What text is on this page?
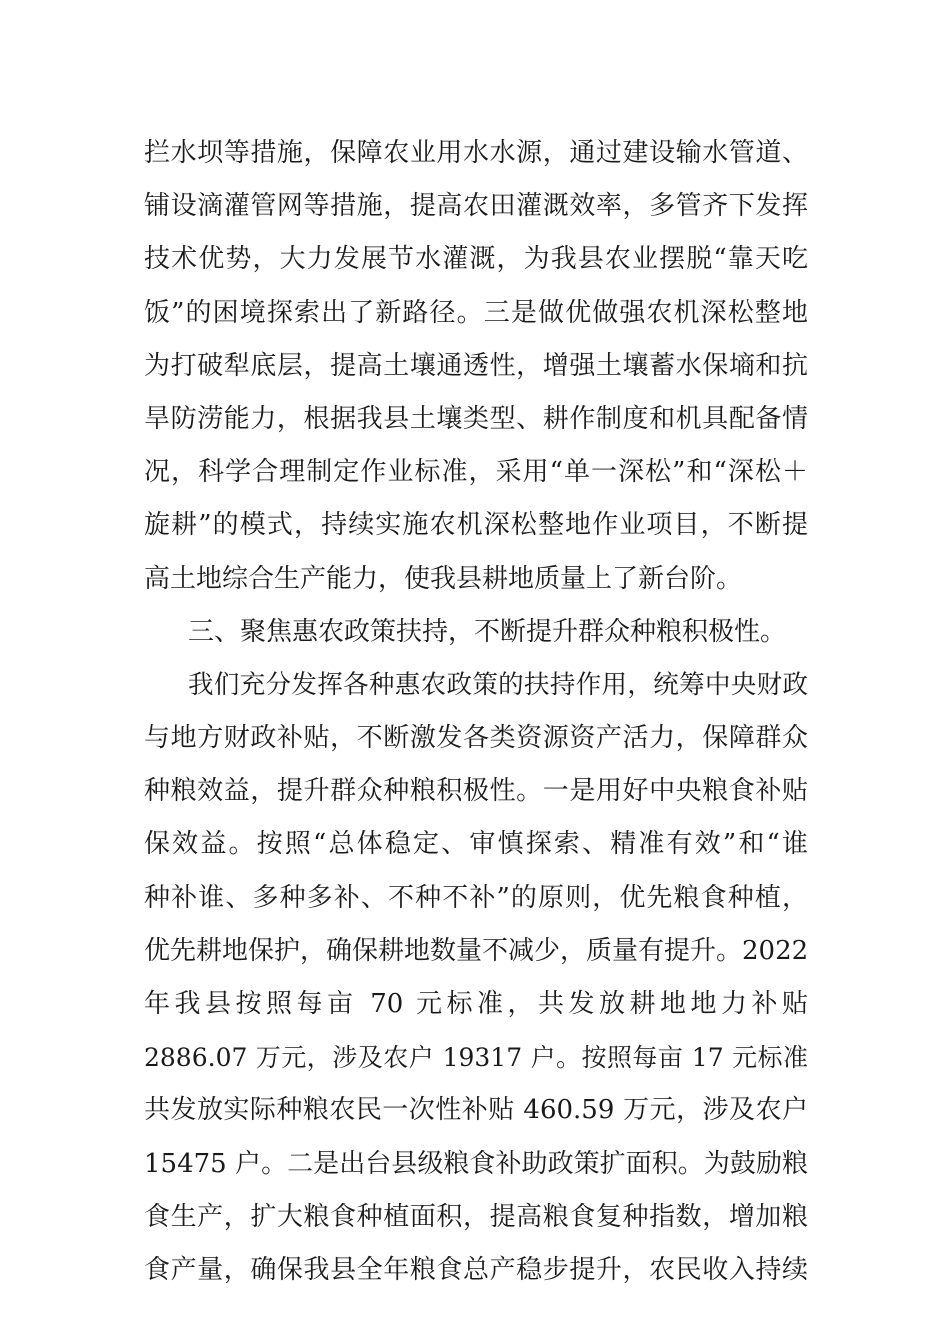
拦水坝等措施，保障农业用水水源，通过建设输水管道、
铺设滴灌管网等措施，提高农田灌溉效率，多管齐下发挥
技术优势，大力发展节水灌溉，为我县农业摆脱“靠天吃
饭”的困境探索出了新路径。三是做优做强农机深松整地
为打破犁底层，提高土壤通透性，增强土壤蓄水保墒和抗
旱防涝能力，根据我县土壤类型、耕作制度和机具配备情
况，科学合理制定作业标准，采用“单一深松”和“深松＋
旋耕”的模式，持续实施农机深松整地作业项目，不断提
高土地综合生产能力，使我县耕地质量上了新台阶。
三、聚焦惠农政策扶持，不断提升群众种粮积极性。
我们充分发挥各种惠农政策的扶持作用，统筹中央财政
与地方财政补贴，不断激发各类资源资产活力，保障群众
种粮效益，提升群众种粮积极性。一是用好中央粮食补贴
保效益。按照“总体稳定、审慎探索、精准有效”和“谁
种补谁、多种多补、不种不补”的原则，优先粮食种植，
优先耕地保护，确保耕地数量不减少，质量有提升。2022
年我县按照每亩 70 元标准，共发放耕地地力补贴
2886.07 万元，涉及农户 19317 户。按照每亩 17 元标准
共发放实际种粮农民一次性补贴 460.59 万元，涉及农户
15475 户。二是出台县级粮食补助政策扩面积。为鼓励粮
食生产，扩大粮食种植面积，提高粮食复种指数，增加粮
食产量，确保我县全年粮食总产稳步提升，农民收入持续
